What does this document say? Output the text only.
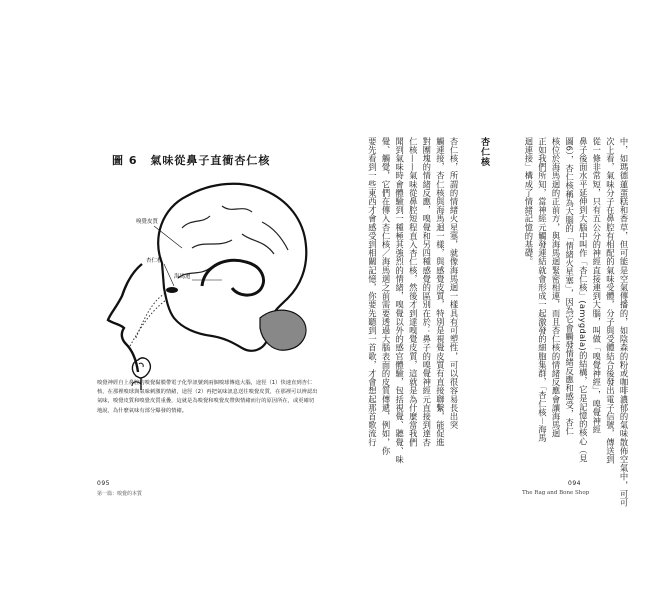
圖 6 氣味從鼻子直衝杏仁核
嗅覺皮質
杏仁核
海馬迴

嗅覺神經自上鼻腔的嗅覺黏膜帶電子化學訊號到兩個嗅球傳進大腦，途徑（1）快速直到杏仁核，在那裡嗅球與氣味刺激的情緒，途徑（2）再把氣味訊息送往嗅覺皮質，在那裡可以辨認出氣味，嗅覺皮質和嗅覺皮質重疊，這就是為嗅覺和嗅覺皮帶與情緒而行的原因所在，或更確切地說，為什麼氣味有部分爆發的情緒。

095
第一篇：嗅覺的本質	中，如瑪德蓮蛋糕和香草，但可能是空氣傳播的，如陰森的粉或咖啡濃郁的氣味散佈空氣中，可可
次上看，氣味分子在鼻腔有相配的氣味受體，分子與受體結合後發出電子信號，傳送到
從一條非常短，只有五公分的神經直接連到大腦，叫做「嗅覺神經」，嗅覺神經
鼻子後面水平延伸到大腦中叫作「杏仁核」(amygdala)的結構，它是記憶的核心（見
圖6），杏仁核稱為大腦的「情緒火星塞」，因為它會觸發情緒反應和感受，杏仁
核位於海馬迴的正前方，與海馬迴緊密相連，而且杏仁核的情緒反應會讓海馬迴
正如我們所知，當神經元觸發連結就會形成一起激發的細胞集群，「杏仁核－海馬
迴連接」構成了情緒記憶的基礎。
杏仁核
杏仁核，所謂的情緒火星塞，就像海馬迴一樣具有可塑性，可以很容易長出突
觸連接，杏仁核與海馬迴一樣，與感覺皮質，特別是視覺皮質有直接聯繫，能促進
對團塊的情緒反應，嗅覺和另四種感覺的區別在於：鼻子的嗅覺神經元直接到達杏
仁核——氣味從鼻腔短程直入杏仁核，然後才到達嗅覺皮質，這就是為什麼當我們
聞到氣味時會體驗到一種極其強烈的情緒，嗅覺以外的感官體驗，包括視覺、聽覺、味
覺、觸覺，它們在傳入杏仁核／海馬迴之前需要透過大腦表面的皮質傳遞，例如，你
要先看到一些東西才會感受到相關記憶，你要先聽到一首歌，才會想起那首歌流行
094
The Rag and Bone Shop
